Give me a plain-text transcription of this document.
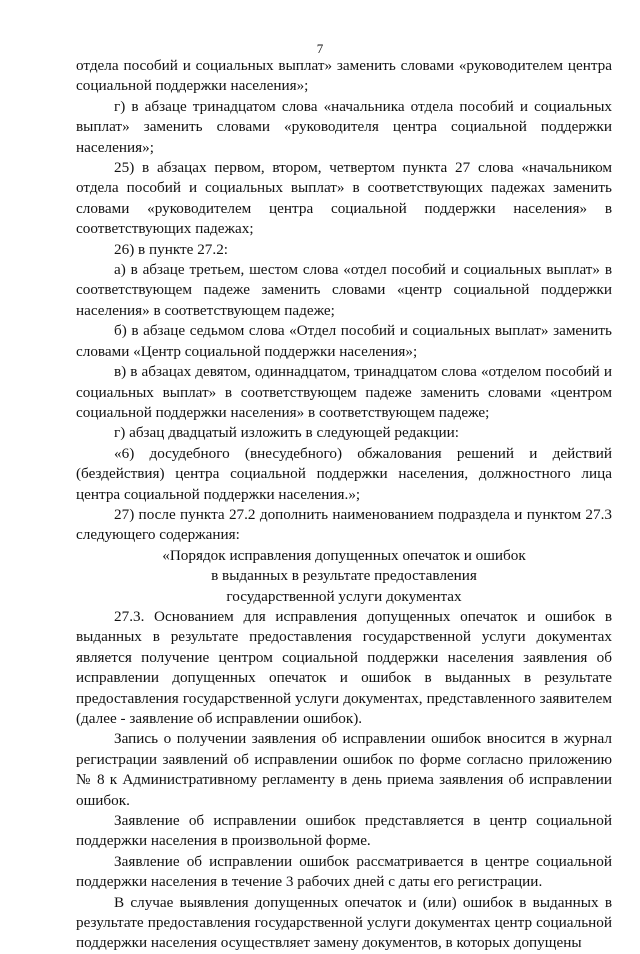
7

отдела пособий и социальных выплат» заменить словами «руководителем центра социальной поддержки населения»;

г) в абзаце тринадцатом слова «начальника отдела пособий и социальных выплат» заменить словами «руководителя центра социальной поддержки населения»;

25) в абзацах первом, втором, четвертом пункта 27 слова «начальником отдела пособий и социальных выплат» в соответствующих падежах заменить словами «руководителем центра социальной поддержки населения» в соответствующих падежах;

26) в пункте 27.2:

а) в абзаце третьем, шестом слова «отдел пособий и социальных выплат» в соответствующем падеже заменить словами «центр социальной поддержки населения» в соответствующем падеже;

б) в абзаце седьмом слова «Отдел пособий и социальных выплат» заменить словами «Центр социальной поддержки населения»;

в) в абзацах девятом, одиннадцатом, тринадцатом слова «отделом пособий и социальных выплат» в соответствующем падеже заменить словами «центром социальной поддержки населения» в соответствующем падеже;

г) абзац двадцатый изложить в следующей редакции:

«6) досудебного (внесудебного) обжалования решений и действий (бездействия) центра социальной поддержки населения, должностного лица центра социальной поддержки населения.»;

27) после пункта 27.2 дополнить наименованием подраздела и пунктом 27.3 следующего содержания:

«Порядок исправления допущенных опечаток и ошибок

в выданных в результате предоставления

государственной услуги документах

27.3. Основанием для исправления допущенных опечаток и ошибок в выданных в результате предоставления государственной услуги документах является получение центром социальной поддержки населения заявления об исправлении допущенных опечаток и ошибок в выданных в результате предоставления государственной услуги документах, представленного заявителем (далее - заявление об исправлении ошибок).

Запись о получении заявления об исправлении ошибок вносится в журнал регистрации заявлений об исправлении ошибок по форме согласно приложению № 8 к Административному регламенту в день приема заявления об исправлении ошибок.

Заявление об исправлении ошибок представляется в центр социальной поддержки населения в произвольной форме.

Заявление об исправлении ошибок рассматривается в центре социальной поддержки населения в течение 3 рабочих дней с даты его регистрации.

В случае выявления допущенных опечаток и (или) ошибок в выданных в результате предоставления государственной услуги документах центр социальной поддержки населения осуществляет замену документов, в которых допущены
